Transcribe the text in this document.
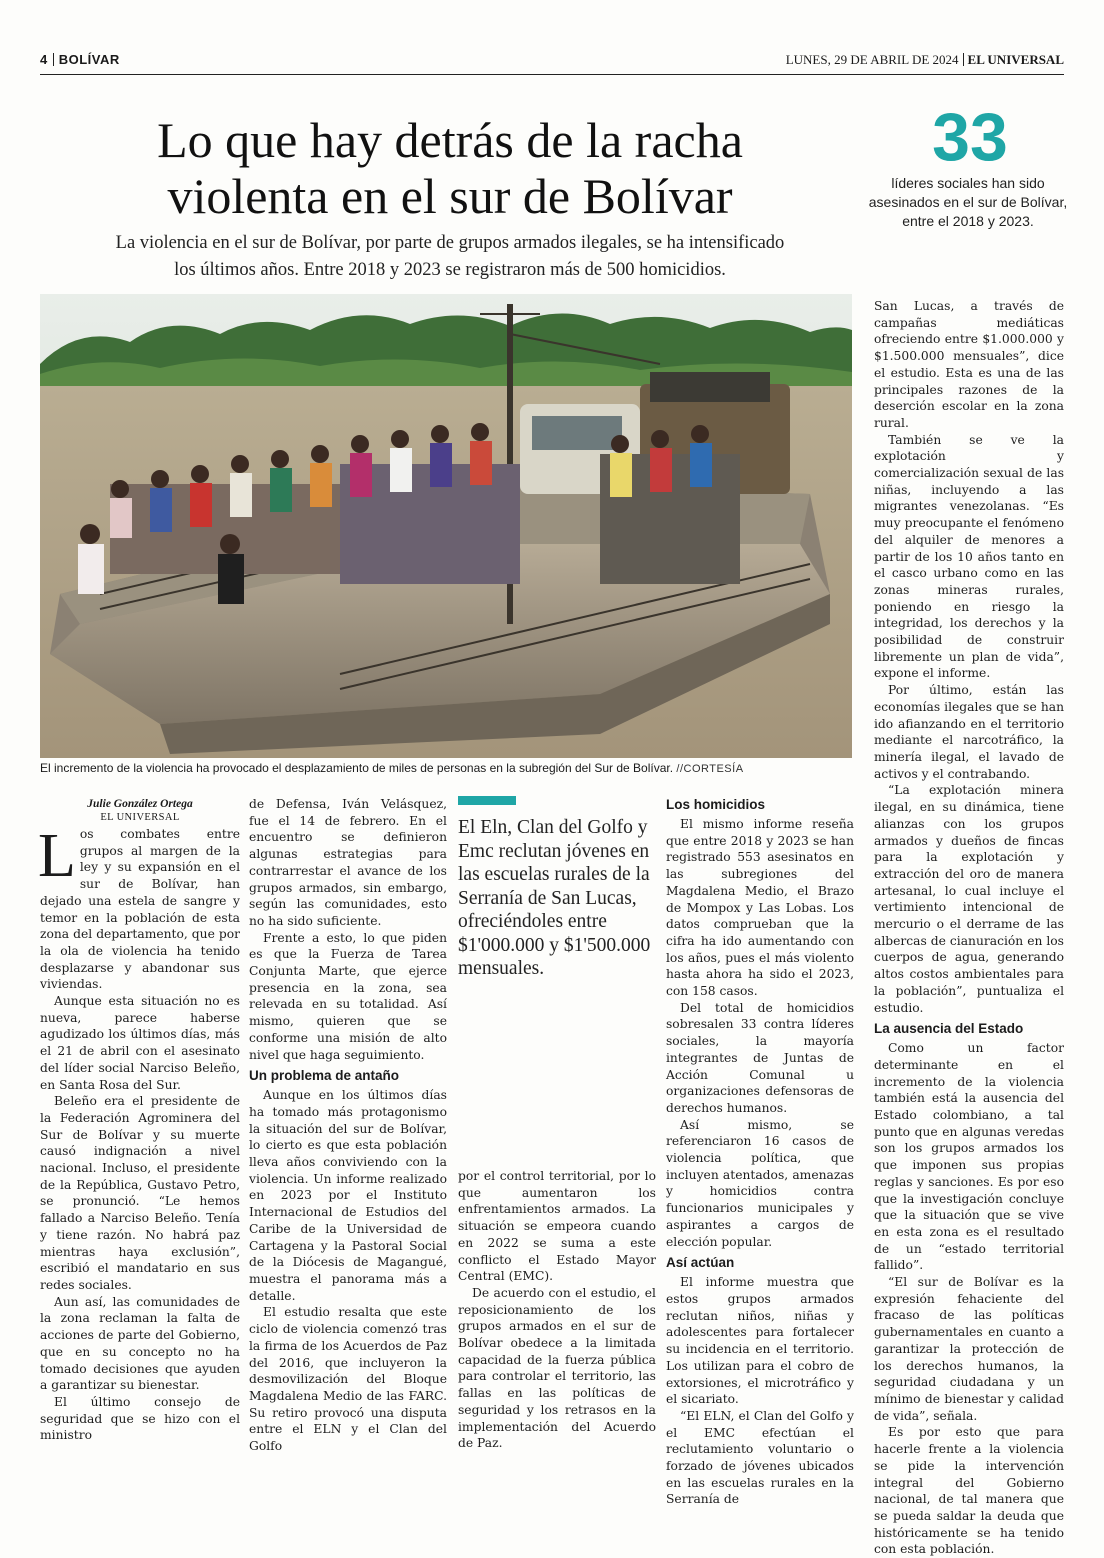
4 BOLÍVAR	LUNES, 29 DE ABRIL DE 2024 EL UNIVERSAL
Lo que hay detrás de la racha
violenta en el sur de Bolívar
La violencia en el sur de Bolívar, por parte de grupos armados ilegales, se ha intensificado
los últimos años. Entre 2018 y 2023 se registraron más de 500 homicidios.
33
líderes sociales han sido
asesinados en el sur de Bolívar,
entre el 2018 y 2023.
El incremento de la violencia ha provocado el desplazamiento de miles de personas en la subregión del Sur de Bolívar. //CORTESÍA
Julie González Ortega
EL UNIVERSAL

Los combates entre grupos al margen de la ley y su expansión en el sur de Bolívar, han dejado una estela de sangre y temor en la población de esta zona del departamento, que por la ola de violencia ha tenido desplazarse y abandonar sus viviendas.

Aunque esta situación no es nueva, parece haberse agudizado los últimos días, más el 21 de abril con el asesinato del líder social Narciso Beleño, en Santa Rosa del Sur.

Beleño era el presidente de la Federación Agrominera del Sur de Bolívar y su muerte causó indignación a nivel nacional. Incluso, el presidente de la República, Gustavo Petro, se pronunció. “Le hemos fallado a Narciso Beleño. Tenía y tiene razón. No habrá paz mientras haya exclusión”, escribió el mandatario en sus redes sociales.

Aun así, las comunidades de la zona reclaman la falta de acciones de parte del Gobierno, que en su concepto no ha tomado decisiones que ayuden a garantizar su bienestar.

El último consejo de seguridad que se hizo con el ministro

de Defensa, Iván Velásquez, fue el 14 de febrero. En el encuentro se definieron algunas estrategias para contrarrestar el avance de los grupos armados, sin embargo, según las comunidades, esto no ha sido suficiente.

Frente a esto, lo que piden es que la Fuerza de Tarea Conjunta Marte, que ejerce presencia en la zona, sea relevada en su totalidad. Así mismo, quieren que se conforme una misión de alto nivel que haga seguimiento.

Un problema de antaño

Aunque en los últimos días ha tomado más protagonismo la situación del sur de Bolívar, lo cierto es que esta población lleva años conviviendo con la violencia. Un informe realizado en 2023 por el Instituto Internacional de Estudios del Caribe de la Universidad de Cartagena y la Pastoral Social de la Diócesis de Magangué, muestra el panorama más a detalle.

El estudio resalta que este ciclo de violencia comenzó tras la firma de los Acuerdos de Paz del 2016, que incluyeron la desmovilización del Bloque Magdalena Medio de las FARC. Su retiro provocó una disputa entre el ELN y el Clan del Golfo

El Eln, Clan del Golfo y Emc reclutan jóvenes en las escuelas rurales de la Serranía de San Lucas, ofreciéndoles entre $1'000.000 y $1'500.000 mensuales.

por el control territorial, por lo que aumentaron los enfrentamientos armados. La situación se empeora cuando en 2022 se suma a este conflicto el Estado Mayor Central (EMC).

De acuerdo con el estudio, el reposicionamiento de los grupos armados en el sur de Bolívar obedece a la limitada capacidad de la fuerza pública para controlar el territorio, las fallas en las políticas de seguridad y los retrasos en la implementación del Acuerdo de Paz.

Los homicidios

El mismo informe reseña que entre 2018 y 2023 se han registrado 553 asesinatos en las subregiones del Magdalena Medio, el Brazo de Mompox y Las Lobas. Los datos comprueban que la cifra ha ido aumentando con los años, pues el más violento hasta ahora ha sido el 2023, con 158 casos.

Del total de homicidios sobresalen 33 contra líderes sociales, la mayoría integrantes de Juntas de Acción Comunal u organizaciones defensoras de derechos humanos.

Así mismo, se referenciaron 16 casos de violencia política, que incluyen atentados, amenazas y homicidios contra funcionarios municipales y aspirantes a cargos de elección popular.

Así actúan

El informe muestra que estos grupos armados reclutan niños, niñas y adolescentes para fortalecer su incidencia en el territorio. Los utilizan para el cobro de extorsiones, el microtráfico y el sicariato.

“El ELN, el Clan del Golfo y el EMC efectúan el reclutamiento voluntario o forzado de jóvenes ubicados en las escuelas rurales en la Serranía de

San Lucas, a través de campañas mediáticas ofreciendo entre $1.000.000 y $1.500.000 mensuales”, dice el estudio. Esta es una de las principales razones de la deserción escolar en la zona rural.

También se ve la explotación y comercialización sexual de las niñas, incluyendo a las migrantes venezolanas. “Es muy preocupante el fenómeno del alquiler de menores a partir de los 10 años tanto en el casco urbano como en las zonas mineras rurales, poniendo en riesgo la integridad, los derechos y la posibilidad de construir libremente un plan de vida”, expone el informe.

Por último, están las economías ilegales que se han ido afianzando en el territorio mediante el narcotráfico, la minería ilegal, el lavado de activos y el contrabando.

“La explotación minera ilegal, en su dinámica, tiene alianzas con los grupos armados y dueños de fincas para la explotación y extracción del oro de manera artesanal, lo cual incluye el vertimiento intencional de mercurio o el derrame de las albercas de cianuración en los cuerpos de agua, generando altos costos ambientales para la población”, puntualiza el estudio.

La ausencia del Estado

Como un factor determinante en el incremento de la violencia también está la ausencia del Estado colombiano, a tal punto que en algunas veredas son los grupos armados los que imponen sus propias reglas y sanciones. Es por eso que la investigación concluye que la situación que se vive en esta zona es el resultado de un “estado territorial fallido”.

“El sur de Bolívar es la expresión fehaciente del fracaso de las políticas gubernamentales en cuanto a garantizar la protección de los derechos humanos, la seguridad ciudadana y un mínimo de bienestar y calidad de vida”, señala.

Es por esto que para hacerle frente a la violencia se pide la intervención integral del Gobierno nacional, de tal manera que se pueda saldar la deuda que históricamente se ha tenido con esta población.
